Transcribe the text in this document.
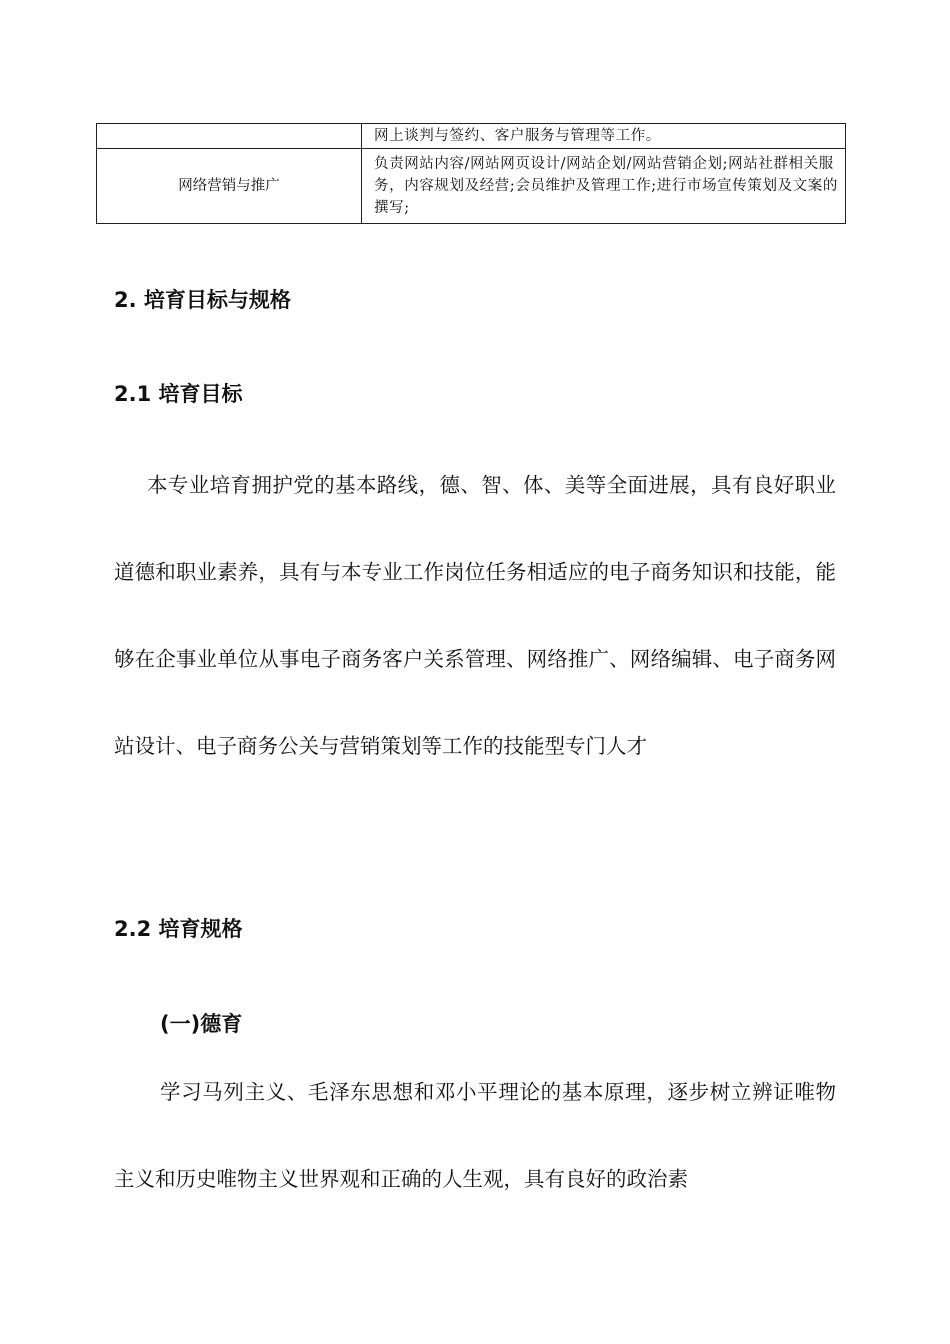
	网上谈判与签约、客户服务与管理等工作。
网络营销与推广	负责网站内容/网站网页设计/网站企划/网站营销企划;网站社群相关服务，内容规划及经营;会员维护及管理工作;进行市场宣传策划及文案的撰写;
2. 培育目标与规格
2.1 培育目标

本专业培育拥护党的基本路线，德、智、体、美等全面进展，具有良好职业道德和职业素养，具有与本专业工作岗位任务相适应的电子商务知识和技能，能够在企事业单位从事电子商务客户关系管理、网络推广、网络编辑、电子商务网站设计、电子商务公关与营销策划等工作的技能型专门人才

2.2 培育规格
(一)德育

学习马列主义、毛泽东思想和邓小平理论的基本原理，逐步树立辨证唯物主义和历史唯物主义世界观和正确的人生观，具有良好的政治素
